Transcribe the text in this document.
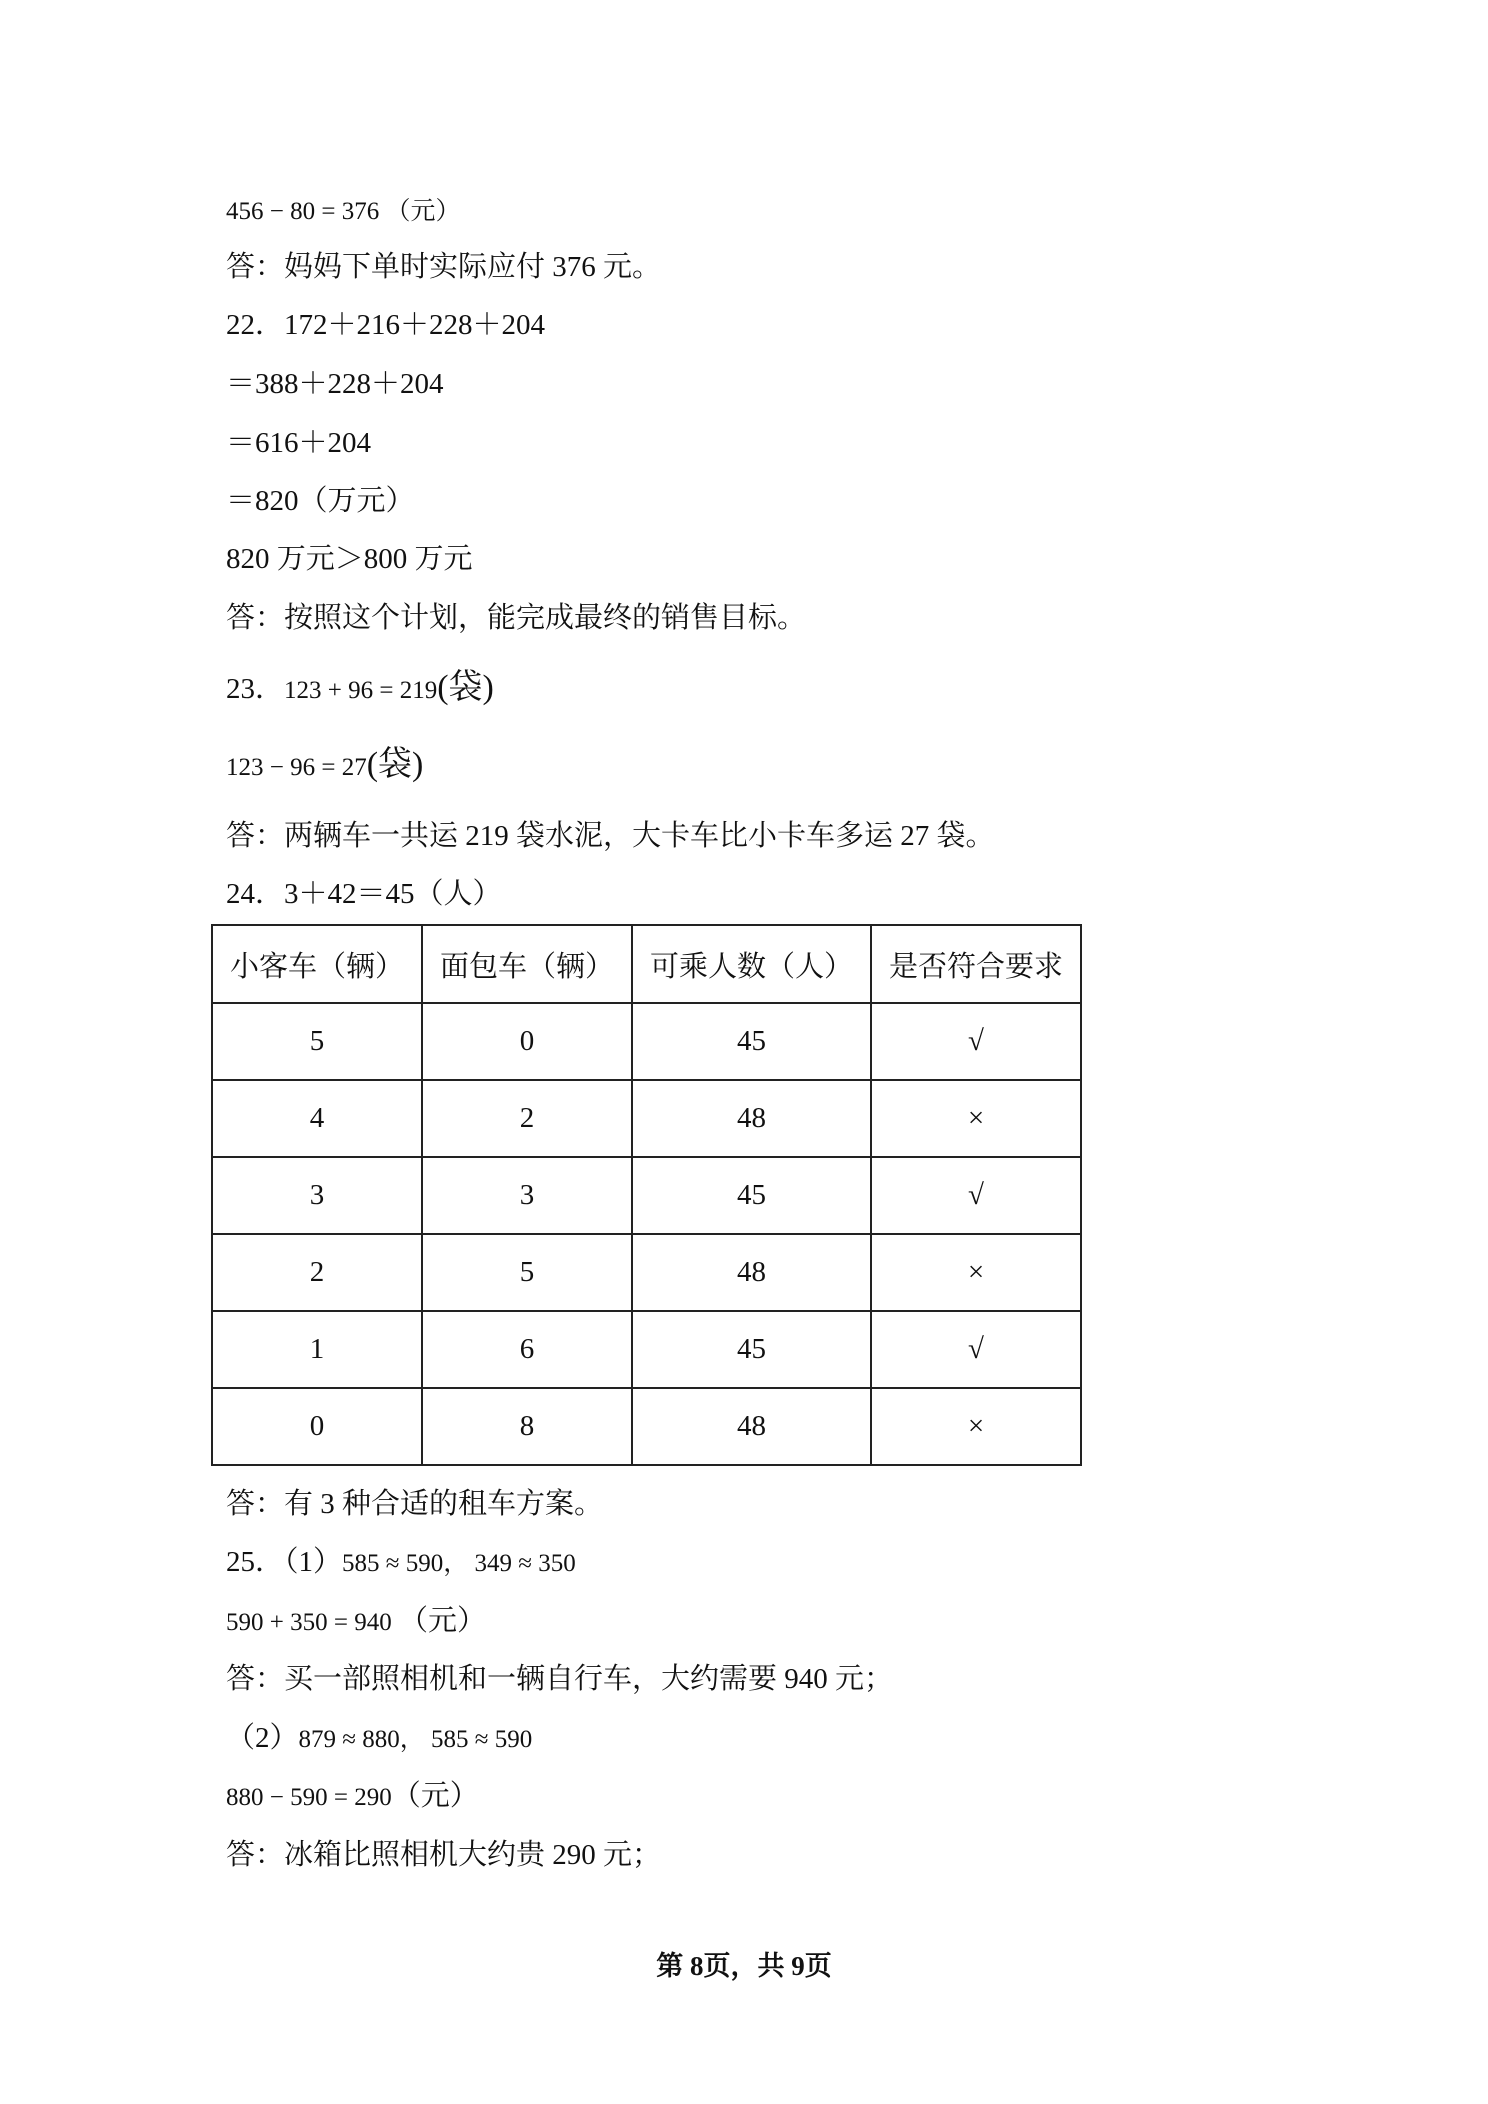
456 − 80 = 376 （元）
答：妈妈下单时实际应付 376 元。
22．172＋216＋228＋204
＝388＋228＋204
＝616＋204
＝820（万元）
820 万元＞800 万元
答：按照这个计划，能完成最终的销售目标。
23．123 + 96 = 219(袋)
123 − 96 = 27(袋)
答：两辆车一共运 219 袋水泥，大卡车比小卡车多运 27 袋。
24．3＋42＝45（人）
小客车（辆）	面包车（辆）	可乘人数（人）	是否符合要求
5	0	45	√
4	2	48	×
3	3	45	√
2	5	48	×
1	6	45	√
0	8	48	×
答：有 3 种合适的租车方案。
25．（1）585 ≈ 590， 349 ≈ 350
590 + 350 = 940 （元）
答：买一部照相机和一辆自行车，大约需要 940 元；
（2）879 ≈ 880， 585 ≈ 590
880 − 590 = 290（元）
答：冰箱比照相机大约贵 290 元；
第 8页，共 9页
